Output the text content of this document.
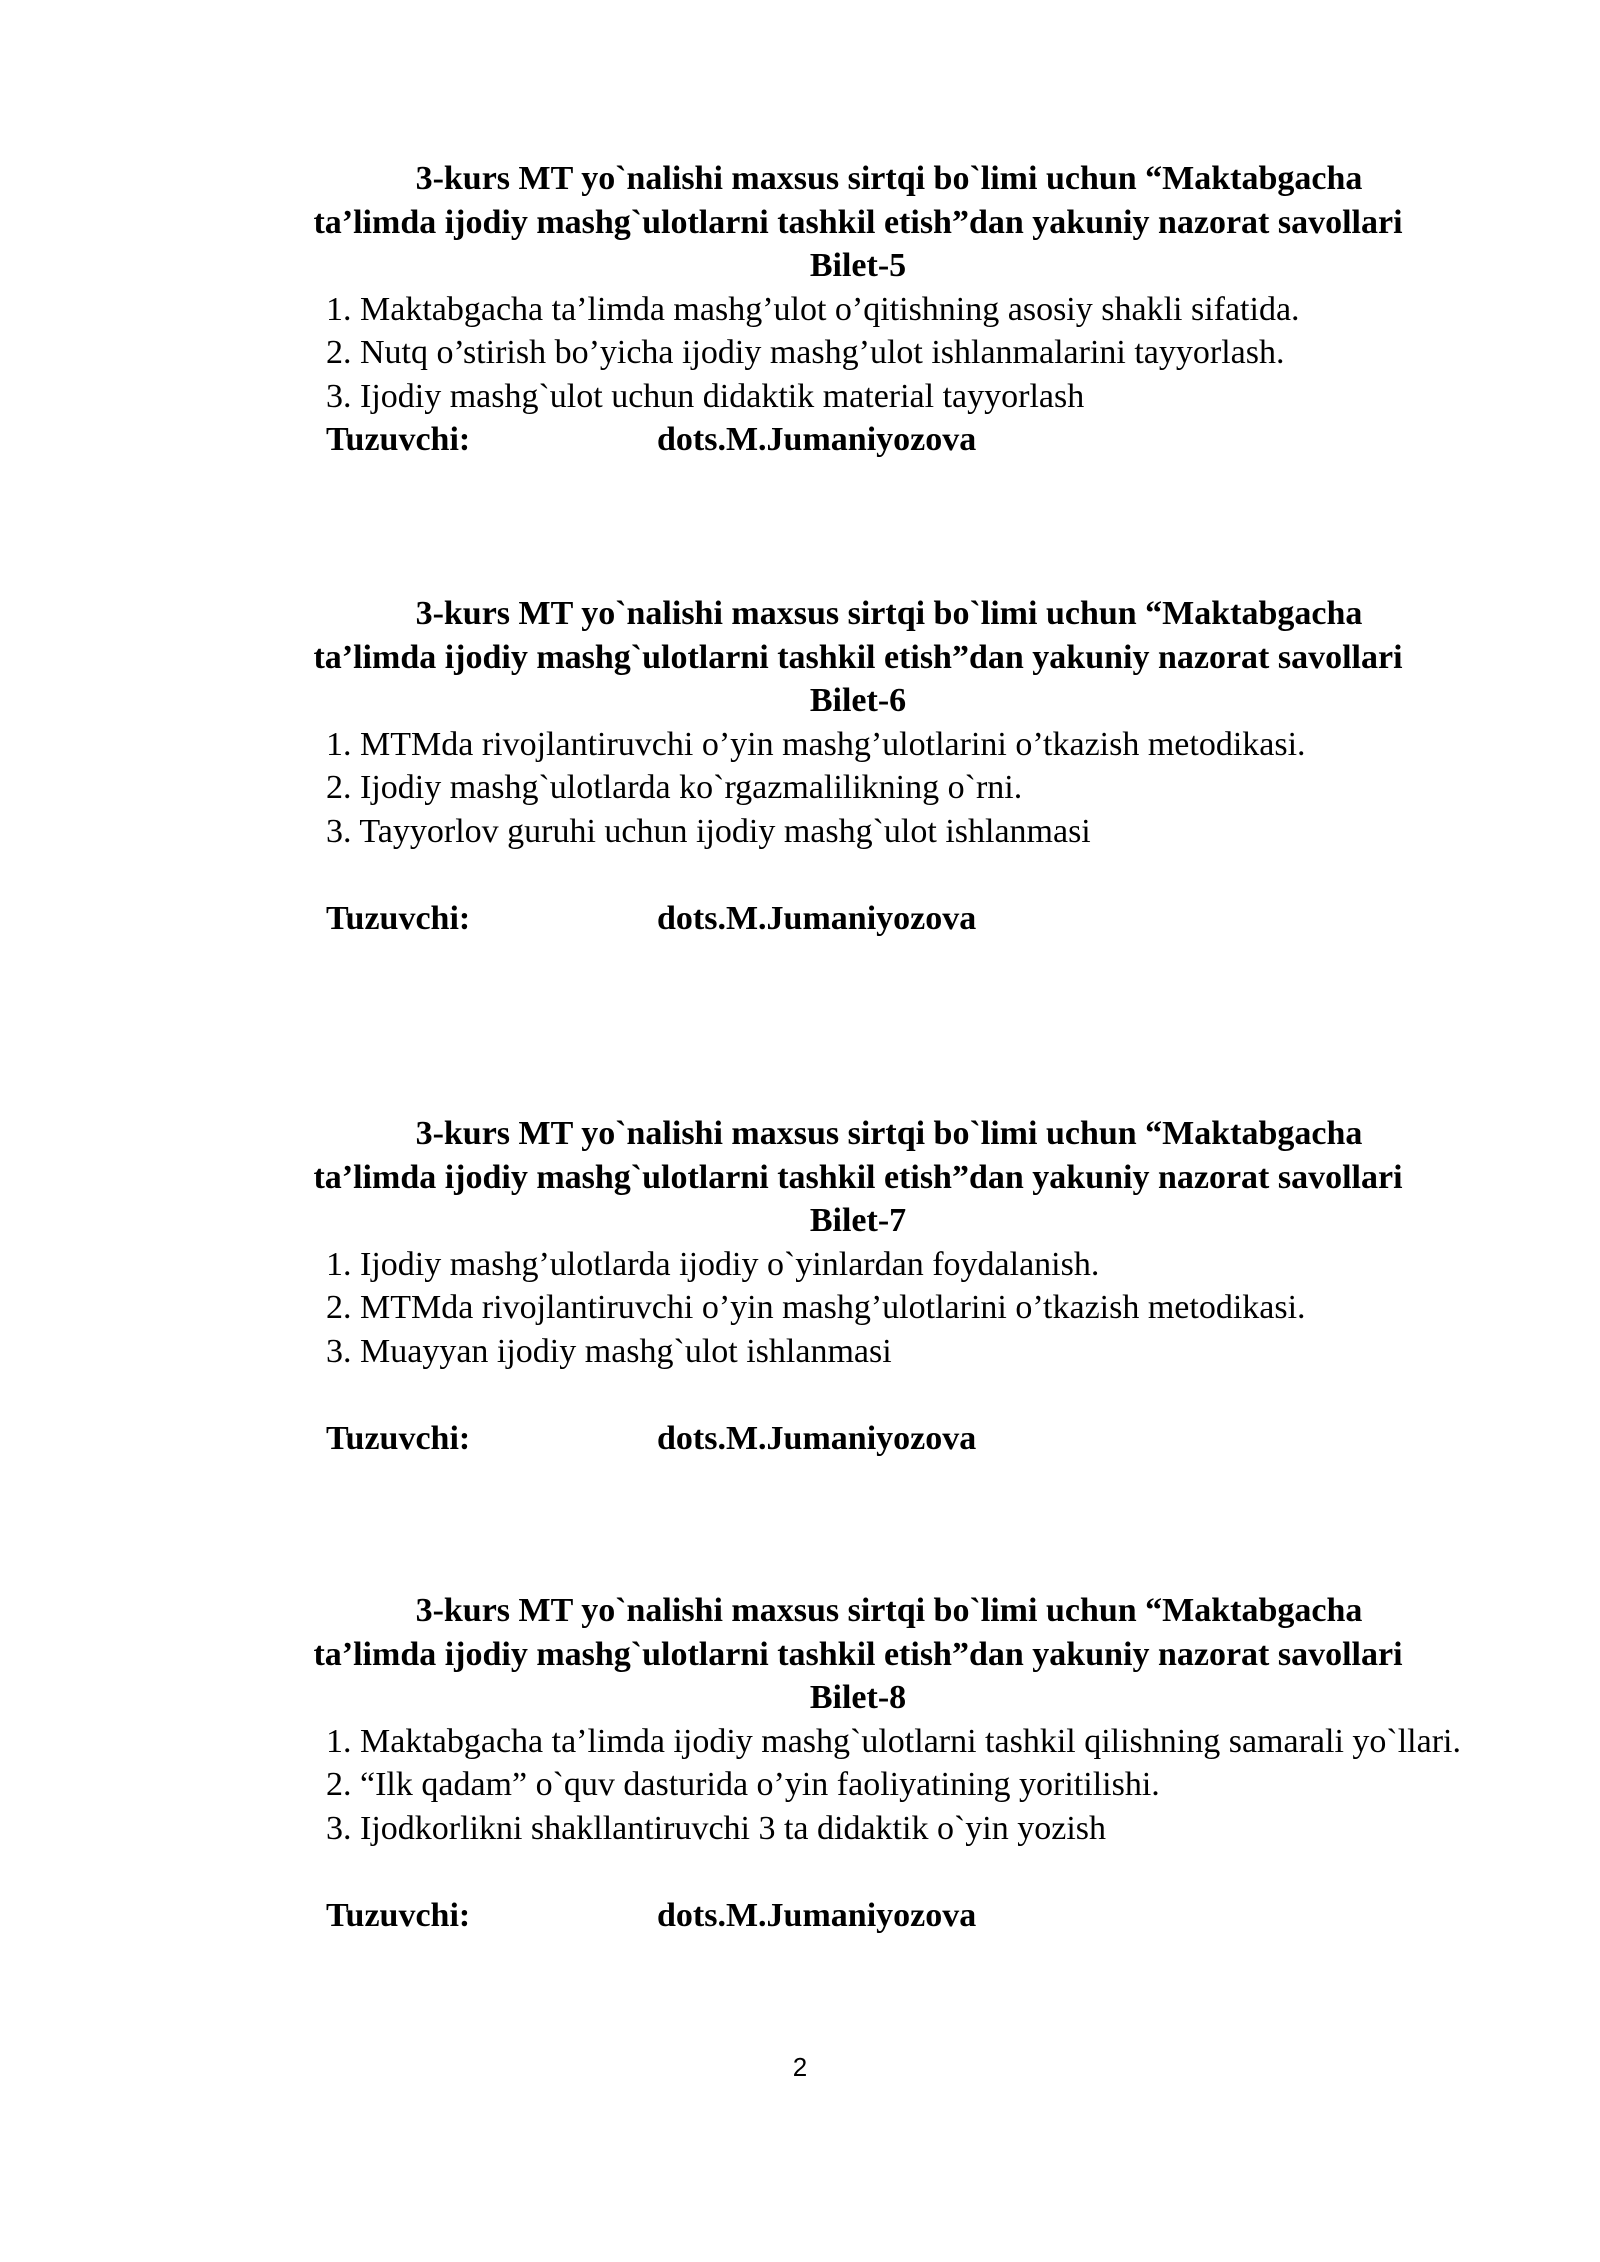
3-kurs MT yo`nalishi maxsus sirtqi bo`limi uchun “Maktabgacha
ta’limda ijodiy mashg`ulotlarni tashkil etish”dan yakuniy nazorat savollari

Bilet-5
1. Maktabgacha ta’limda mashg’ulot o’qitishning asosiy shakli sifatida.
2. Nutq o’stirish bo’yicha ijodiy mashg’ulot ishlanmalarini tayyorlash.
3. Ijodiy mashg`ulot uchun didaktik material tayyorlash
Tuzuvchi:	dots.M.Jumaniyozova

3-kurs MT yo`nalishi maxsus sirtqi bo`limi uchun “Maktabgacha
ta’limda ijodiy mashg`ulotlarni tashkil etish”dan yakuniy nazorat savollari

Bilet-6
1. MTMda rivojlantiruvchi o’yin mashg’ulotlarini o’tkazish metodikasi.
2. Ijodiy mashg`ulotlarda ko`rgazmalilikning o`rni.
3. Tayyorlov guruhi uchun ijodiy mashg`ulot ishlanmasi
Tuzuvchi:	dots.M.Jumaniyozova

3-kurs MT yo`nalishi maxsus sirtqi bo`limi uchun “Maktabgacha
ta’limda ijodiy mashg`ulotlarni tashkil etish”dan yakuniy nazorat savollari

Bilet-7
1. Ijodiy mashg’ulotlarda ijodiy o`yinlardan foydalanish.
2. MTMda rivojlantiruvchi o’yin mashg’ulotlarini o’tkazish metodikasi.
3. Muayyan ijodiy mashg`ulot ishlanmasi
Tuzuvchi:	dots.M.Jumaniyozova

3-kurs MT yo`nalishi maxsus sirtqi bo`limi uchun “Maktabgacha
ta’limda ijodiy mashg`ulotlarni tashkil etish”dan yakuniy nazorat savollari

Bilet-8
1. Maktabgacha ta’limda ijodiy mashg`ulotlarni tashkil qilishning samarali yo`llari.
2. “Ilk qadam” o`quv dasturida o’yin faoliyatining yoritilishi.
3. Ijodkorlikni shakllantiruvchi 3 ta didaktik o`yin yozish
Tuzuvchi:	dots.M.Jumaniyozova
2
